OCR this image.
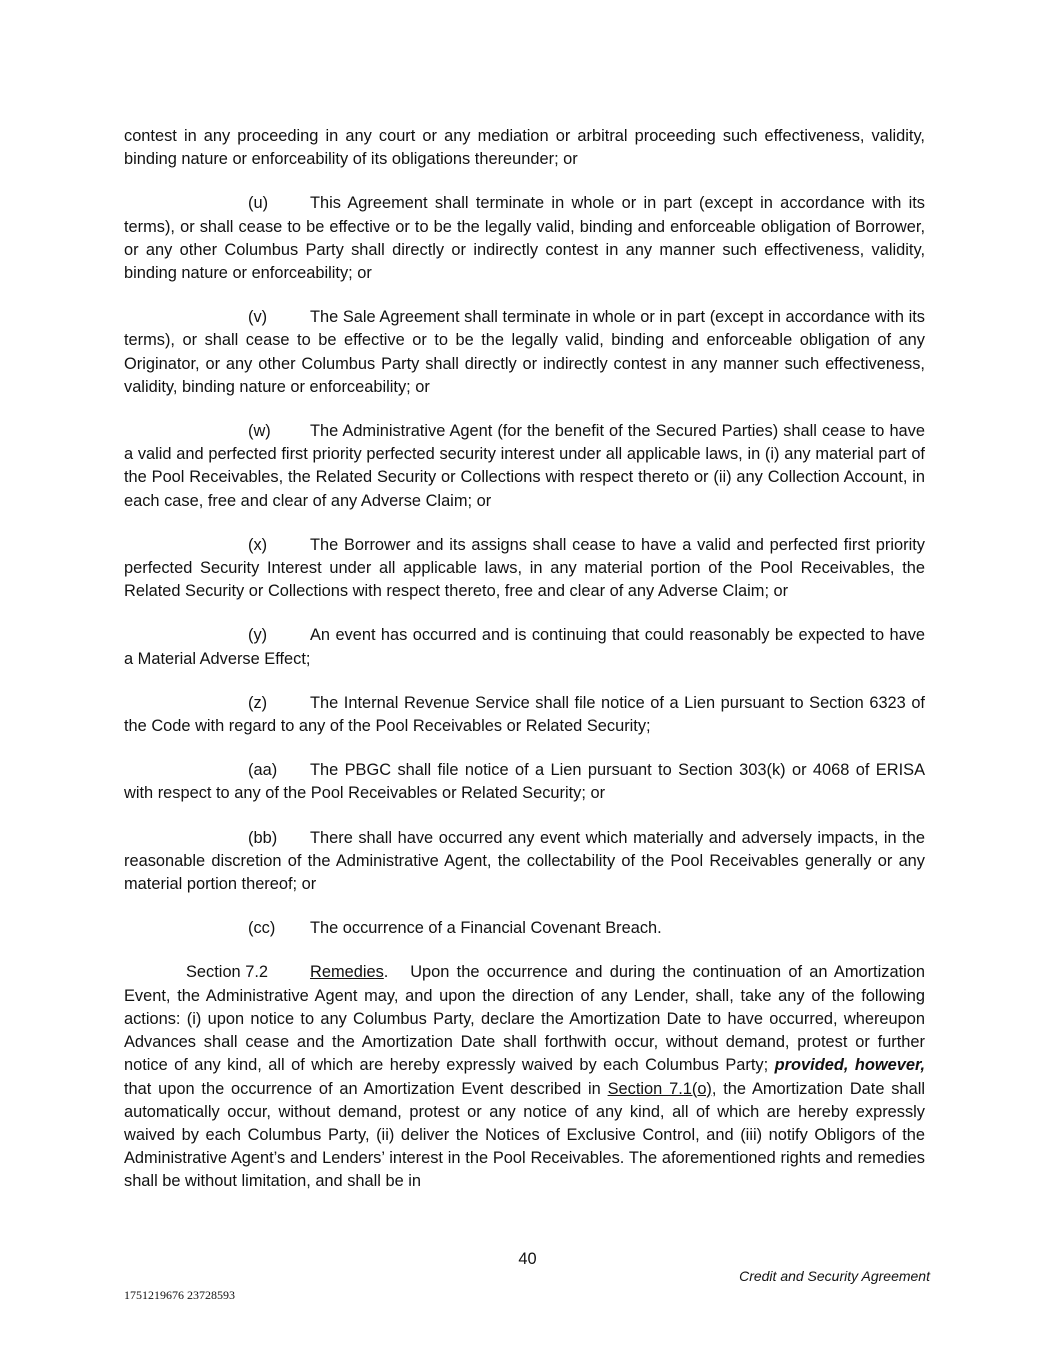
contest in any proceeding in any court or any mediation or arbitral proceeding such effectiveness, validity, binding nature or enforceability of its obligations thereunder; or

(u)	This Agreement shall terminate in whole or in part (except in accordance with its terms), or shall cease to be effective or to be the legally valid, binding and enforceable obligation of Borrower, or any other Columbus Party shall directly or indirectly contest in any manner such effectiveness, validity, binding nature or enforceability; or

(v)	The Sale Agreement shall terminate in whole or in part (except in accordance with its terms), or shall cease to be effective or to be the legally valid, binding and enforceable obligation of any Originator, or any other Columbus Party shall directly or indirectly contest in any manner such effectiveness, validity, binding nature or enforceability; or

(w) The Administrative Agent (for the benefit of the Secured Parties) shall cease to have a valid and perfected first priority perfected security interest under all applicable laws, in (i) any material part of the Pool Receivables, the Related Security or Collections with respect thereto or (ii) any Collection Account, in each case, free and clear of any Adverse Claim; or

(x)	The Borrower and its assigns shall cease to have a valid and perfected first priority perfected Security Interest under all applicable laws, in any material portion of the Pool Receivables, the Related Security or Collections with respect thereto, free and clear of any Adverse Claim; or

(y)	An event has occurred and is continuing that could reasonably be expected to have a Material Adverse Effect;

(z)	The Internal Revenue Service shall file notice of a Lien pursuant to Section 6323 of the Code with regard to any of the Pool Receivables or Related Security;

(aa) The PBGC shall file notice of a Lien pursuant to Section 303(k) or 4068 of ERISA with respect to any of the Pool Receivables or Related Security; or

(bb) There shall have occurred any event which materially and adversely impacts, in the reasonable discretion of the Administrative Agent, the collectability of the Pool Receivables generally or any material portion thereof; or

(cc) The occurrence of a Financial Covenant Breach.

Section 7.2	Remedies. Upon the occurrence and during the continuation of an Amortization Event, the Administrative Agent may, and upon the direction of any Lender, shall, take any of the following actions: (i) upon notice to any Columbus Party, declare the Amortization Date to have occurred, whereupon Advances shall cease and the Amortization Date shall forthwith occur, without demand, protest or further notice of any kind, all of which are hereby expressly waived by each Columbus Party; provided, however, that upon the occurrence of an Amortization Event described in Section 7.1(o), the Amortization Date shall automatically occur, without demand, protest or any notice of any kind, all of which are hereby expressly waived by each Columbus Party, (ii) deliver the Notices of Exclusive Control, and (iii) notify Obligors of the Administrative Agent’s and Lenders’ interest in the Pool Receivables. The aforementioned rights and remedies shall be without limitation, and shall be in

40
Credit and Security Agreement
1751219676 23728593
